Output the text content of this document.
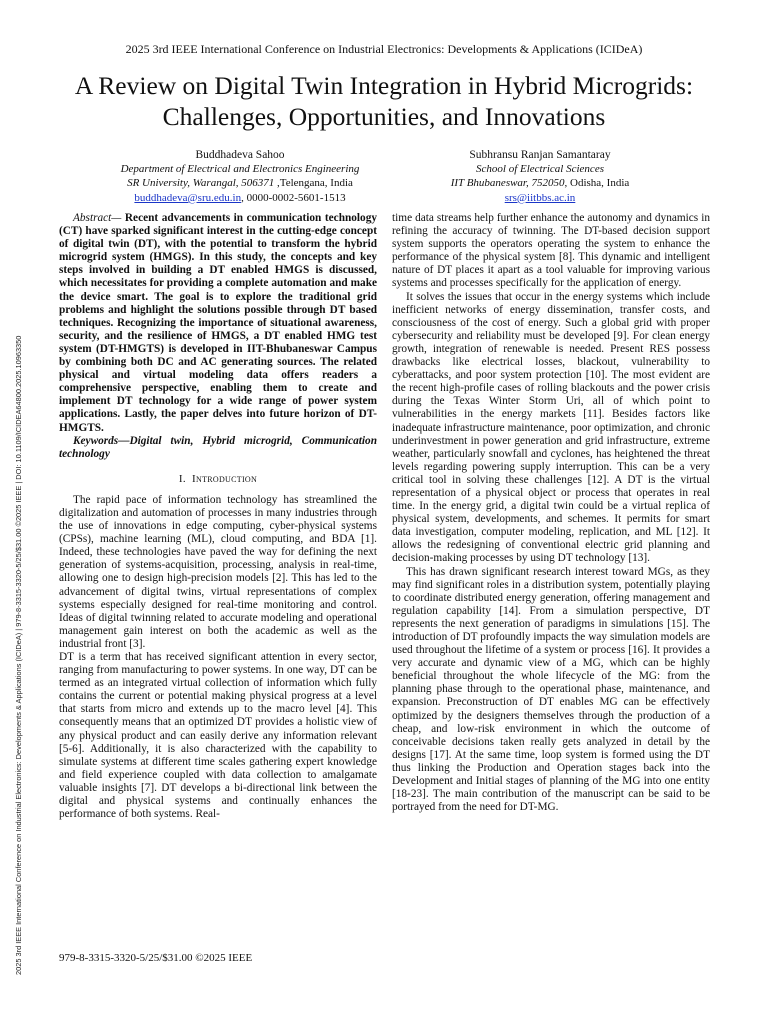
2025 3rd IEEE International Conference on Industrial Electronics: Developments & Applications (ICIDeA)
A Review on Digital Twin Integration in Hybrid Microgrids: Challenges, Opportunities, and Innovations
Buddhadeva Sahoo
Department of Electrical and Electronics Engineering
SR University, Warangal, 506371 ,Telengana, India
buddhadeva@sru.edu.in, 0000-0002-5601-1513
Subhransu Ranjan Samantaray
School of Electrical Sciences
IIT Bhubaneswar, 752050, Odisha, India
srs@iitbbs.ac.in
2025 3rd IEEE International Conference on Industrial Electronics: Developments & Applications (ICIDeA) | 979-8-3315-3320-5/25/$31.00 ©2025 IEEE | DOI: 10.1109/ICIDEA64800.2025.10963350

Abstract— Recent advancements in communication technology (CT) have sparked significant interest in the cutting-edge concept of digital twin (DT), with the potential to transform the hybrid microgrid system (HMGS). In this study, the concepts and key steps involved in building a DT enabled HMGS is discussed, which necessitates for providing a complete automation and make the device smart. The goal is to explore the traditional grid problems and highlight the solutions possible through DT based techniques. Recognizing the importance of situational awareness, security, and the resilience of HMGS, a DT enabled HMG test system (DT-HMGTS) is developed in IIT-Bhubaneswar Campus by combining both DC and AC generating sources. The related physical and virtual modeling data offers readers a comprehensive perspective, enabling them to create and implement DT technology for a wide range of power system applications. Lastly, the paper delves into future horizon of DT-HMGTS.

Keywords—Digital twin, Hybrid microgrid, Communication technology

I. Introduction

The rapid pace of information technology has streamlined the digitalization and automation of processes in many industries through the use of innovations in edge computing, cyber-physical systems (CPSs), machine learning (ML), cloud computing, and BDA [1]. Indeed, these technologies have paved the way for defining the next generation of systems-acquisition, processing, analysis in real-time, allowing one to design high-precision models [2]. This has led to the advancement of digital twins, virtual representations of complex systems especially designed for real-time monitoring and control. Ideas of digital twinning related to accurate modeling and operational management gain interest on both the academic as well as the industrial front [3].

DT is a term that has received significant attention in every sector, ranging from manufacturing to power systems. In one way, DT can be termed as an integrated virtual collection of information which fully contains the current or potential making physical progress at a level that starts from micro and extends up to the macro level [4]. This consequently means that an optimized DT provides a holistic view of any physical product and can easily derive any information relevant [5-6]. Additionally, it is also characterized with the capability to simulate systems at different time scales gathering expert knowledge and field experience coupled with data collection to amalgamate valuable insights [7]. DT develops a bi-directional link between the digital and physical systems and continually enhances the performance of both systems. Real-

time data streams help further enhance the autonomy and dynamics in refining the accuracy of twinning. The DT-based decision support system supports the operators operating the system to enhance the performance of the physical system [8]. This dynamic and intelligent nature of DT places it apart as a tool valuable for improving various systems and processes specifically for the application of energy.

It solves the issues that occur in the energy systems which include inefficient networks of energy dissemination, transfer costs, and consciousness of the cost of energy. Such a global grid with proper cybersecurity and reliability must be developed [9]. For clean energy growth, integration of renewable is needed. Present RES possess drawbacks like electrical losses, blackout, vulnerability to cyberattacks, and poor system protection [10]. The most evident are the recent high-profile cases of rolling blackouts and the power crisis during the Texas Winter Storm Uri, all of which point to vulnerabilities in the energy markets [11]. Besides factors like inadequate infrastructure maintenance, poor optimization, and chronic underinvestment in power generation and grid infrastructure, extreme weather, particularly snowfall and cyclones, has heightened the threat levels regarding powering supply interruption. This can be a very critical tool in solving these challenges [12]. A DT is the virtual representation of a physical object or process that operates in real time. In the energy grid, a digital twin could be a virtual replica of physical system, developments, and schemes. It permits for smart data investigation, computer modeling, replication, and ML [12]. It allows the redesigning of conventional electric grid planning and decision-making processes by using DT technology [13].

This has drawn significant research interest toward MGs, as they may find significant roles in a distribution system, potentially playing to coordinate distributed energy generation, offering management and regulation capability [14]. From a simulation perspective, DT represents the next generation of paradigms in simulations [15]. The introduction of DT profoundly impacts the way simulation models are used throughout the lifetime of a system or process [16]. It provides a very accurate and dynamic view of a MG, which can be highly beneficial throughout the whole lifecycle of the MG: from the planning phase through to the operational phase, maintenance, and expansion. Preconstruction of DT enables MG can be effectively optimized by the designers themselves through the production of a cheap, and low-risk environment in which the outcome of conceivable decisions taken really gets analyzed in detail by the designs [17]. At the same time, loop system is formed using the DT thus linking the Production and Operation stages back into the Development and Initial stages of planning of the MG into one entity [18-23]. The main contribution of the manuscript can be said to be portrayed from the need for DT-MG.

979-8-3315-3320-5/25/$31.00 ©2025 IEEE
